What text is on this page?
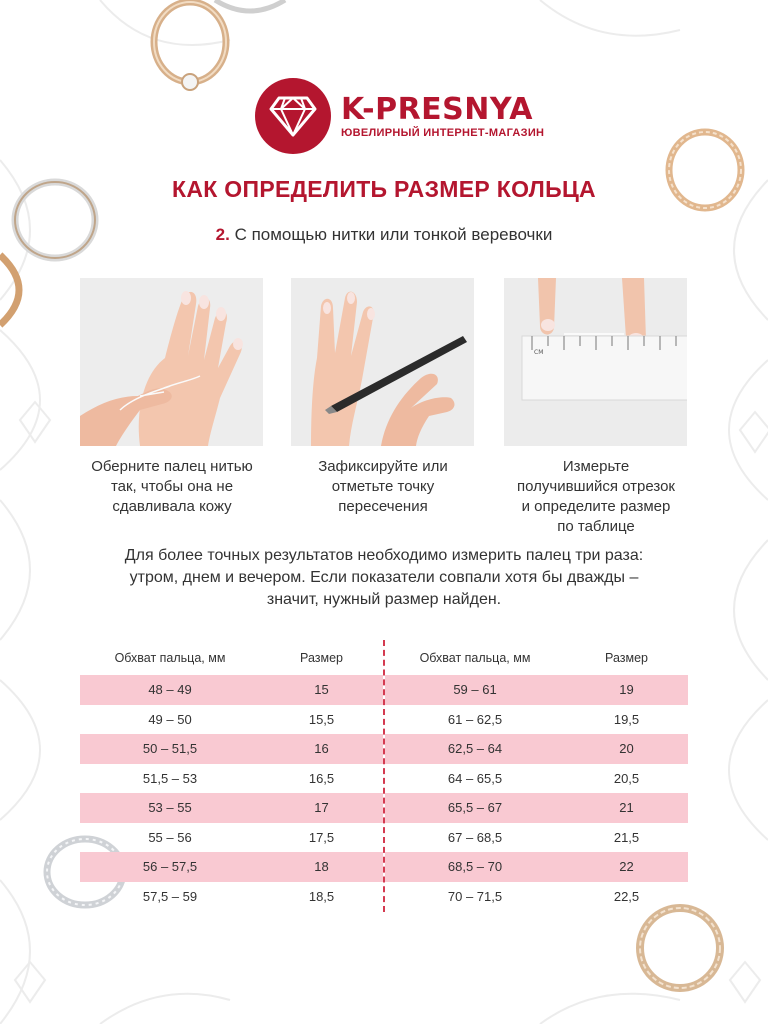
K-PRESNYA
ЮВЕЛИРНЫЙ ИНТЕРНЕТ-МАГАЗИН
КАК ОПРЕДЕЛИТЬ РАЗМЕР КОЛЬЦА
2. С помощью нитки или тонкой веревочки
CM
Оберните палец нитью
так, чтобы она не
сдавливала кожу
Зафиксируйте или
отметьте точку
пересечения
Измерьте
получившийся отрезок
и определите размер
по таблице
Для более точных результатов необходимо измерить палец три раза:
утром, днем и вечером. Если показатели совпали хотя бы дважды –
значит, нужный размер найден.
Обхват пальца, мм	Размер
48 – 49	15
49 – 50	15,5
50 – 51,5	16
51,5 – 53	16,5
53 – 55	17
55 – 56	17,5
56 – 57,5	18
57,5 – 59	18,5
Обхват пальца, мм	Размер
59 – 61	19
61 – 62,5	19,5
62,5 – 64	20
64 – 65,5	20,5
65,5 – 67	21
67 – 68,5	21,5
68,5 – 70	22
70 – 71,5	22,5
